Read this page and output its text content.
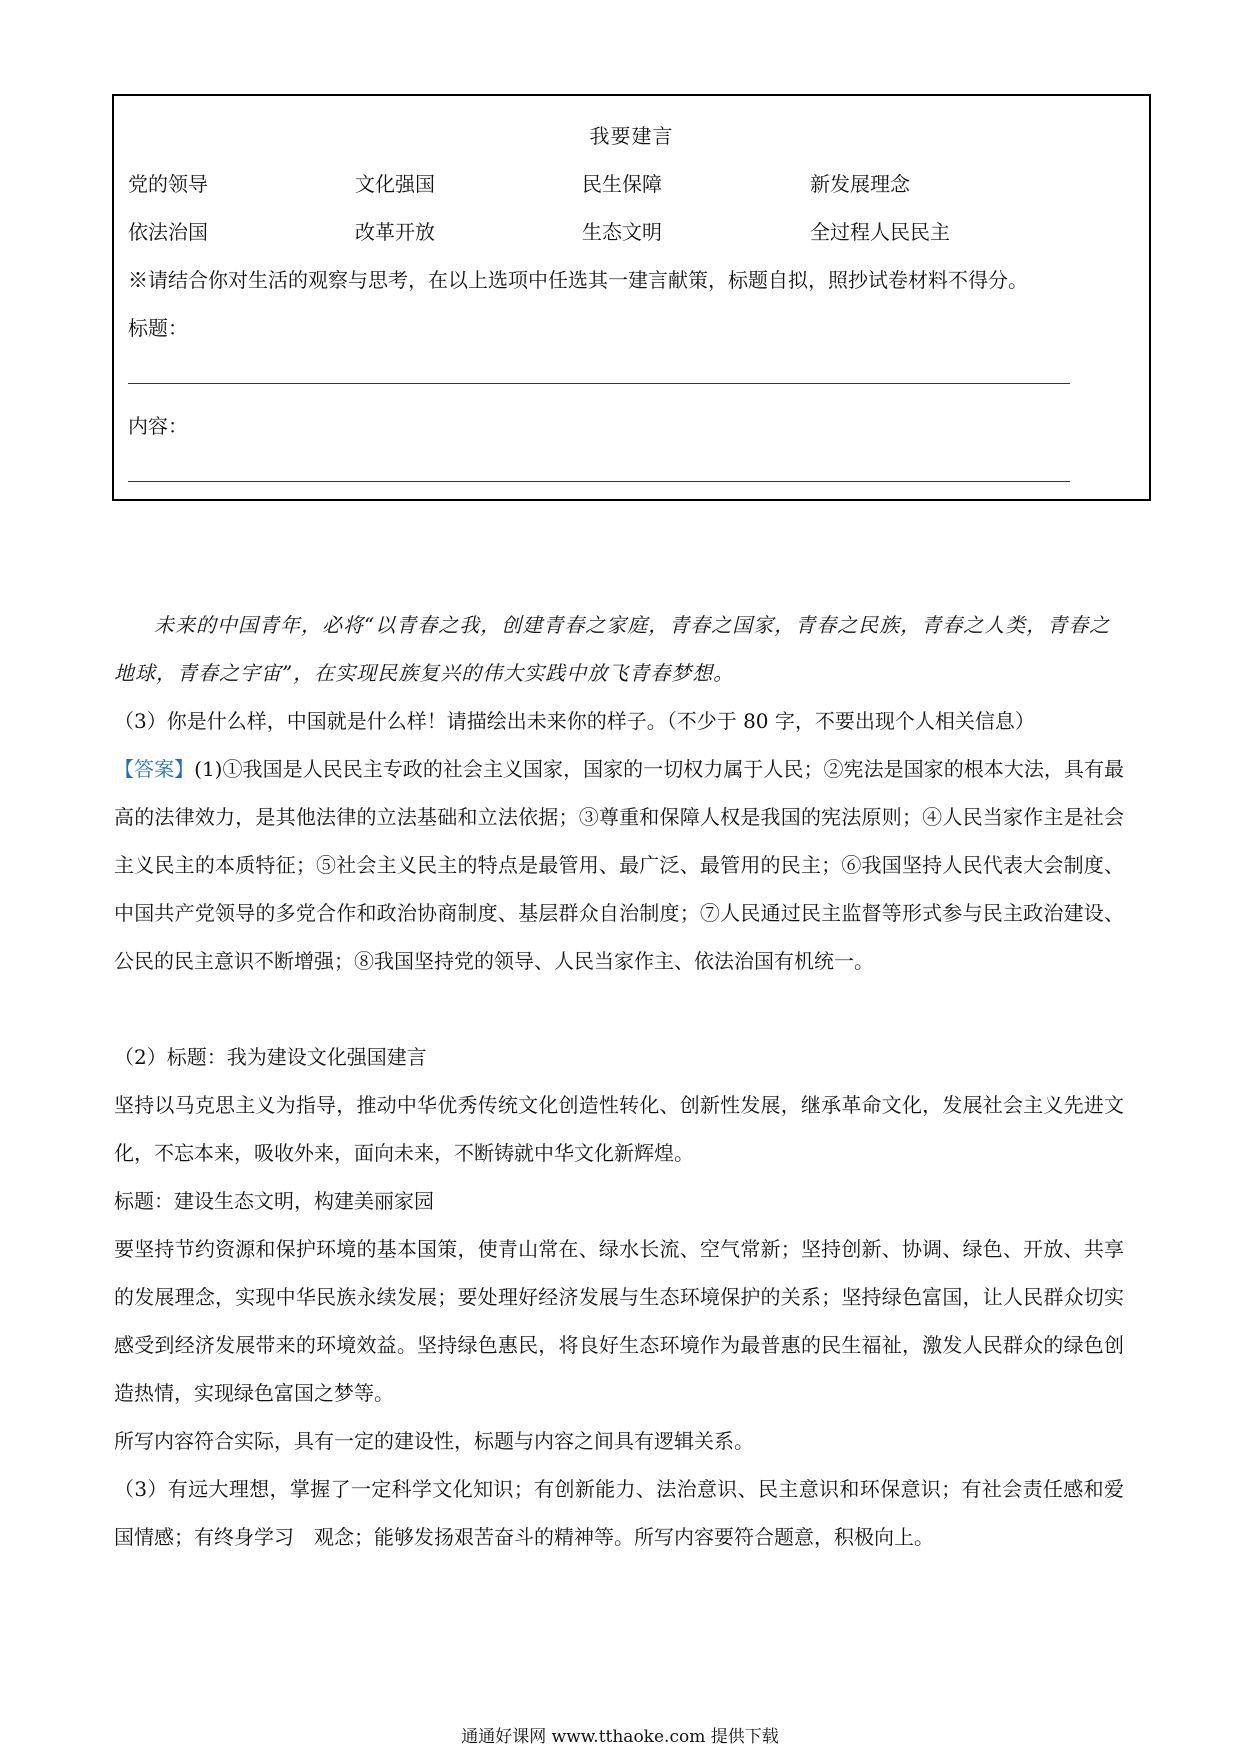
我要建言
党的领导	文化强国	民生保障	新发展理念
依法治国	改革开放	生态文明	全过程人民民主
※请结合你对生活的观察与思考，在以上选项中任选其一建言献策，标题自拟，照抄试卷材料不得分。
标题：
内容：
未来的中国青年，必将“以青春之我，创建青春之家庭，青春之国家，青春之民族，青春之人类，青春之地球，青春之宇宙”，在实现民族复兴的伟大实践中放飞青春梦想。
（3）你是什么样，中国就是什么样！请描绘出未来你的样子。（不少于 80 字，不要出现个人相关信息）
【答案】(1)①我国是人民民主专政的社会主义国家，国家的一切权力属于人民；②宪法是国家的根本大法，具有最高的法律效力，是其他法律的立法基础和立法依据；③尊重和保障人权是我国的宪法原则；④人民当家作主是社会主义民主的本质特征；⑤社会主义民主的特点是最管用、最广泛、最管用的民主；⑥我国坚持人民代表大会制度、中国共产党领导的多党合作和政治协商制度、基层群众自治制度；⑦人民通过民主监督等形式参与民主政治建设、公民的民主意识不断增强；⑧我国坚持党的领导、人民当家作主、依法治国有机统一。
（2）标题：我为建设文化强国建言
坚持以马克思主义为指导，推动中华优秀传统文化创造性转化、创新性发展，继承革命文化，发展社会主义先进文化，不忘本来，吸收外来，面向未来，不断铸就中华文化新辉煌。
标题：建设生态文明，构建美丽家园
要坚持节约资源和保护环境的基本国策，使青山常在、绿水长流、空气常新；坚持创新、协调、绿色、开放、共享的发展理念，实现中华民族永续发展；要处理好经济发展与生态环境保护的关系；坚持绿色富国，让人民群众切实感受到经济发展带来的环境效益。坚持绿色惠民，将良好生态环境作为最普惠的民生福祉，激发人民群众的绿色创造热情，实现绿色富国之梦等。
所写内容符合实际，具有一定的建设性，标题与内容之间具有逻辑关系。
（3）有远大理想，掌握了一定科学文化知识；有创新能力、法治意识、民主意识和环保意识；有社会责任感和爱国情感；有终身学习　观念；能够发扬艰苦奋斗的精神等。所写内容要符合题意，积极向上。
通通好课网 www.tthaoke.com 提供下载
